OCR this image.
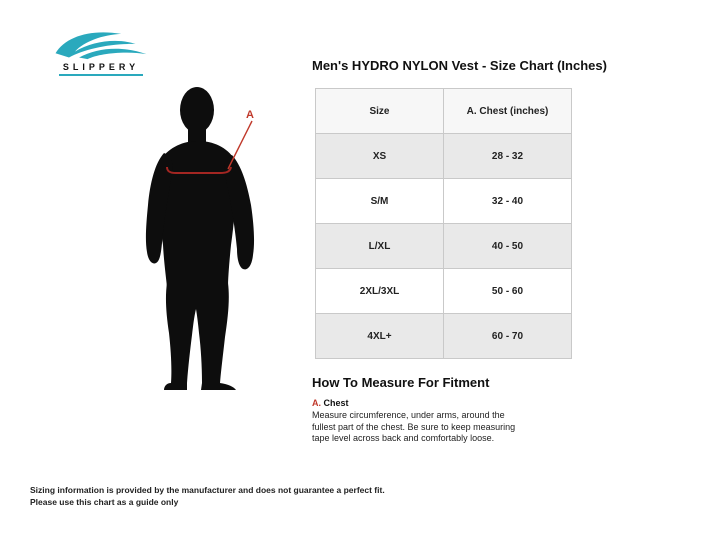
SLIPPERY
A
Men's HYDRO NYLON Vest - Size Chart (Inches)
Size	A. Chest (inches)
XS	28 - 32
S/M	32 - 40
L/XL	40 - 50
2XL/3XL	50 - 60
4XL+	60 - 70
How To Measure For Fitment
A. Chest

Measure circumference, under arms, around the fullest part of the chest. Be sure to keep measuring tape level across back and comfortably loose.

Sizing information is provided by the manufacturer and does not guarantee a perfect fit.
Please use this chart as a guide only
